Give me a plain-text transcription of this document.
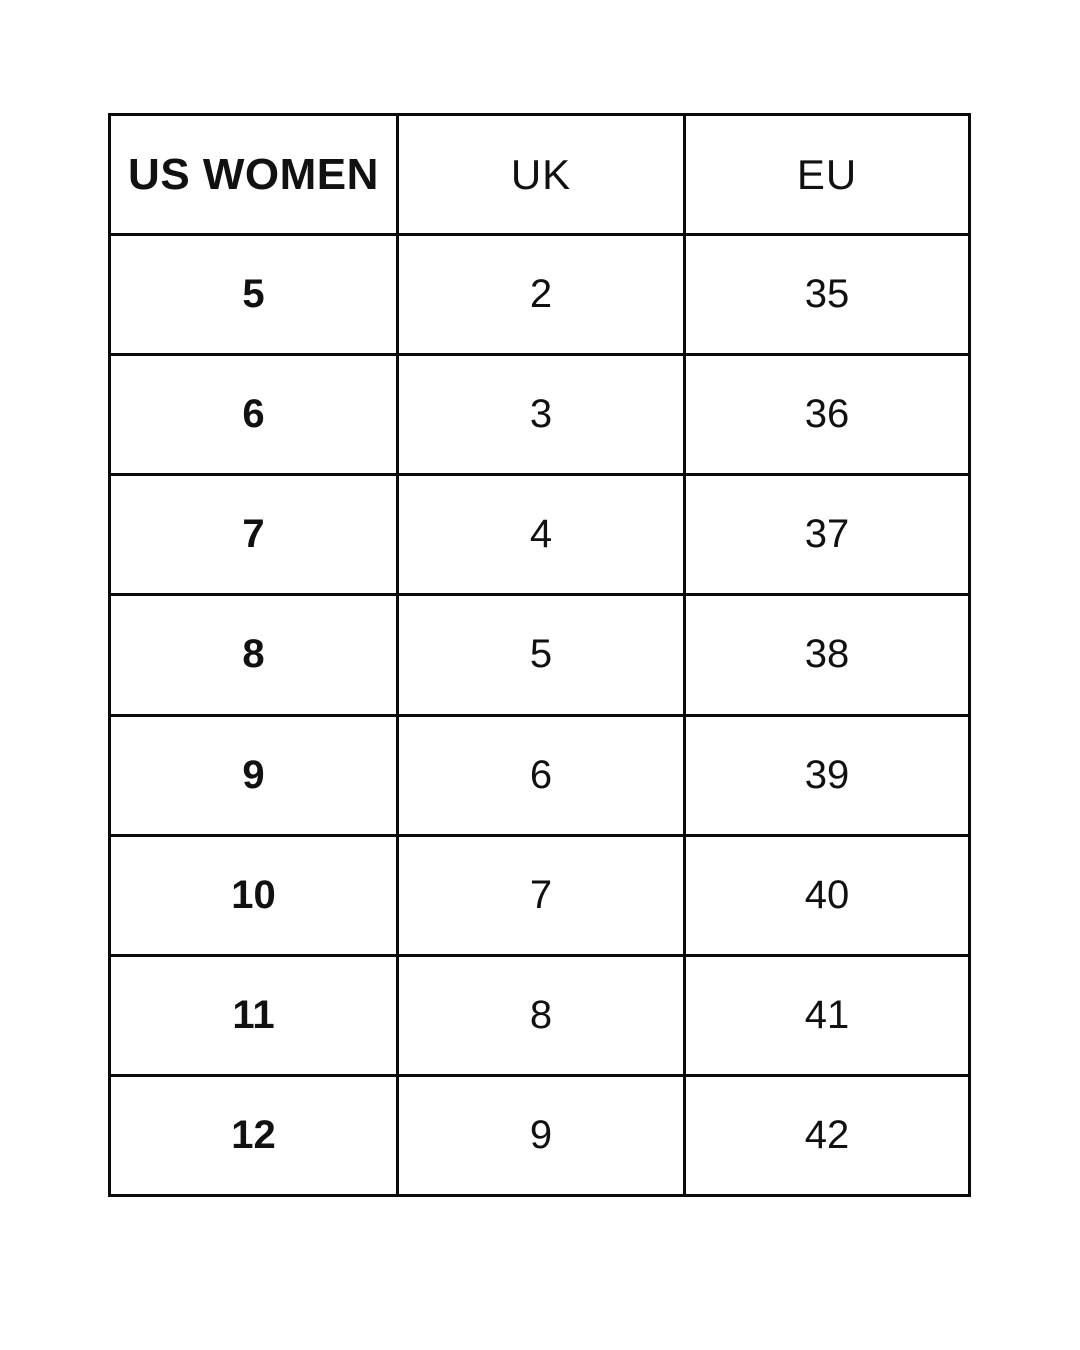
US WOMEN	UK	EU
5	2	35
6	3	36
7	4	37
8	5	38
9	6	39
10	7	40
11	8	41
12	9	42
